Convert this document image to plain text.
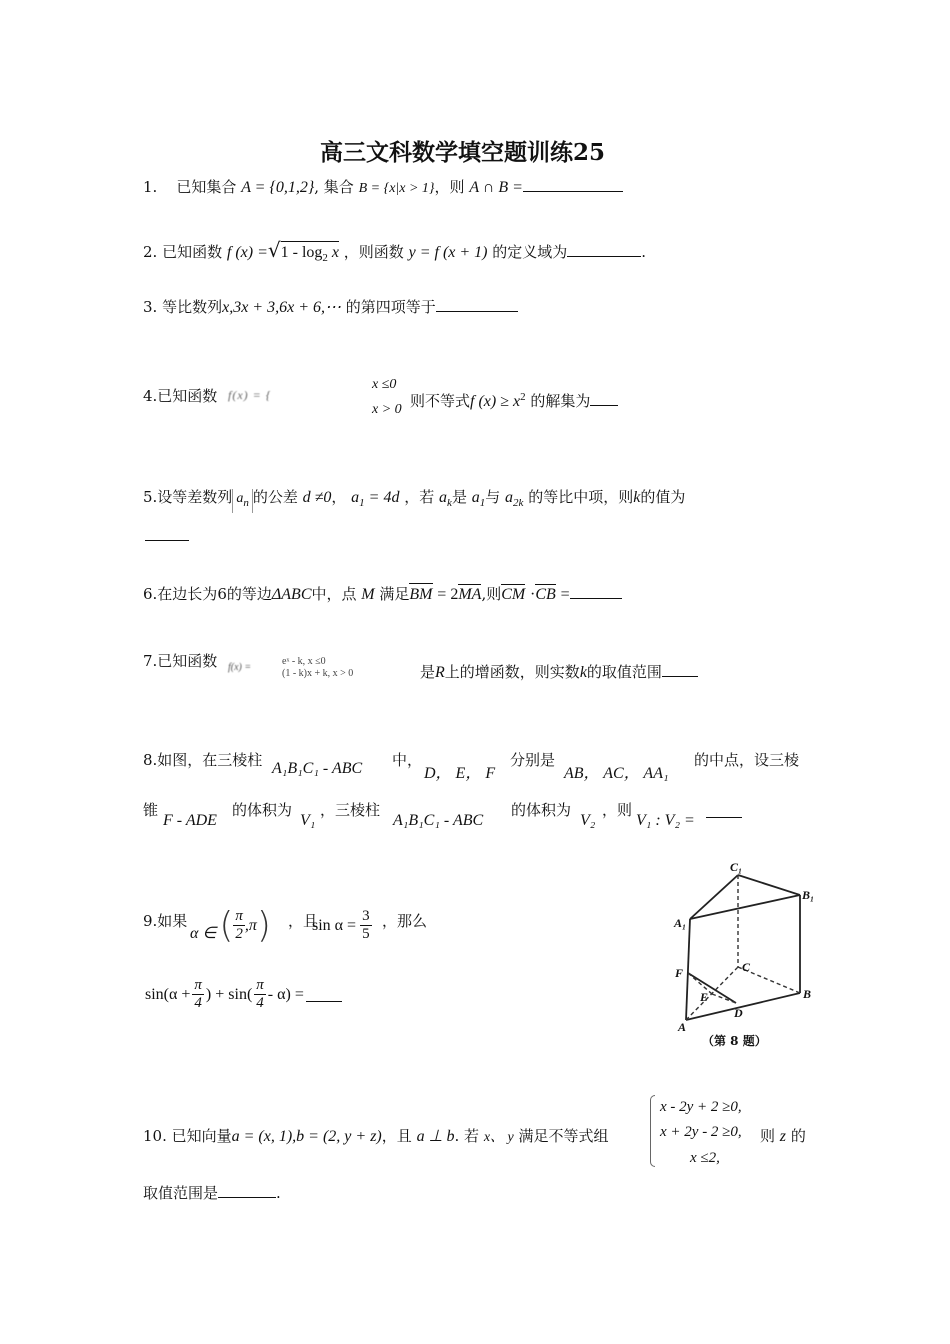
高三文科数学填空题训练25
1. 已知集合 A = {0,1,2}, 集合 B = {x|x > 1}，则 A ∩ B =
2. 已知函数 f $(x) =√1 - \log_2 x$ ，则函数 y = f (x + 1) 的定义域为	.
3. 等比数列x,3x + 3,6x + 6,⋯ 的第四项等于
4.已知函数 f(x) = {
x ≤0
x > 0 则不等式f $(x) \ge x^2$ 的解集为
5.设等差数列 $a_n$ 的公差 d ≠0， $a_1 = 4d$ ，若 $a_k$是 $a_1$与 $a_{2k}$ 的等比中项，则k的值为
6.在边长为6的等边ΔABC中，点 M 满足BM = 2MA,则CM ·CB =
7.已知函数 f(x) =
eˣ - k, x ≤0
(1 - k)x + k, x > 0	是R上的增函数，则实数k的取值范围
8.如图，在三棱柱 A₁B₁C₁ - ABC 中，
D， E， F
分别是
AB， AC， AA₁
的中点，设三棱
锥
F - ADE
的体积为
V₁
，三棱柱
A₁B₁C₁ - ABC
的体积为
V₂
，则
V₁ : V₂ =
C₁
B₁
A₁
F	C
E	B
A
D
（第 8 题）
9.如果
α ∈ ( $\frac{\pi}{2} ,\pi$ ) ，且
$\sin \alpha = \frac{3}{5}$ ，那么
$\sin(\alpha + \frac{\pi}{4}$ ) + $\sin( \frac{\pi}{4} - \alpha)$ =
10. 已知向量a = (x, 1),b = (2, y + z)，且 a ⊥ b. 若 x、 y 满足不等式组
x - 2y + 2 ≥0,
x + 2y - 2 ≥0,
x ≤2,
则 z 的
取值范围是	.
